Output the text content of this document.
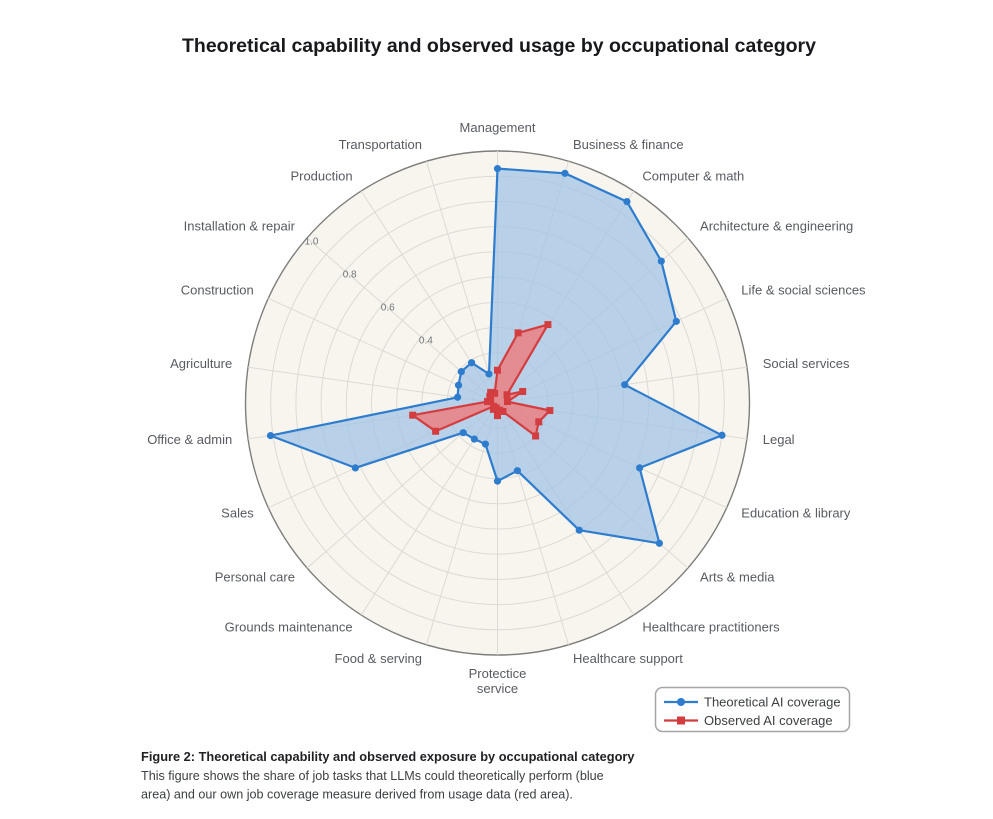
0.4
0.6
0.8
1.0
Management
Business & finance
Computer & math
Architecture & engineering
Life & social sciences
Social services
Legal
Education & library
Arts & media
Healthcare practitioners
Healthcare support
Protectice service
Food & serving
Grounds maintenance
Personal care
Sales
Office & admin
Agriculture
Construction
Installation & repair
Production
Transportation
Theoretical capability and observed usage by occupational category
Theoretical AI coverage
Observed AI coverage
Figure 2: Theoretical capability and observed exposure by occupational category
This figure shows the share of job tasks that LLMs could theoretically perform (blue
area) and our own job coverage measure derived from usage data (red area).
